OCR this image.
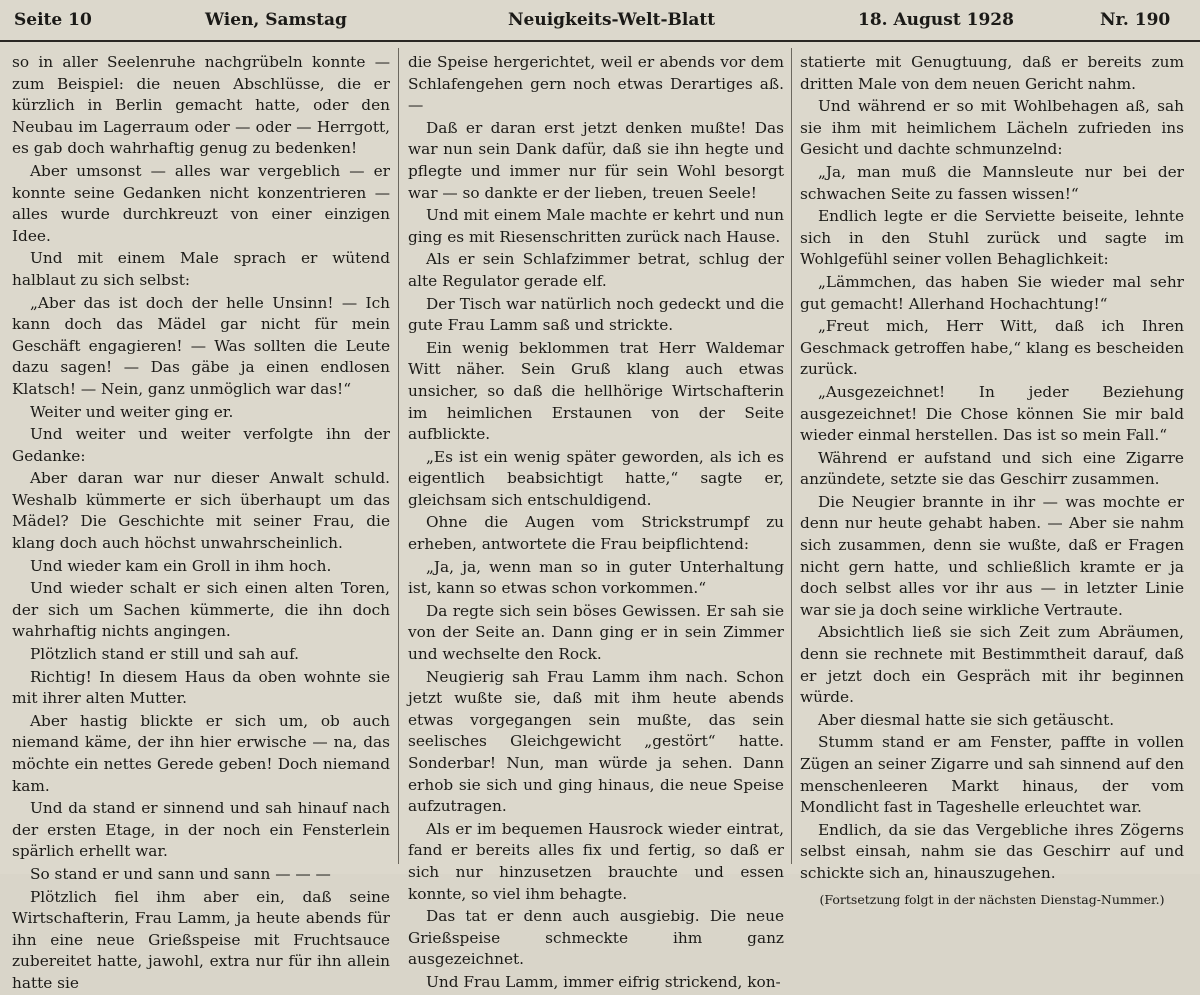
Seite 10	Wien, Samstag	Neuigkeits-Welt-Blatt	18. August 1928	Nr. 190

so in aller Seelenruhe nachgrübeln konnte — zum Beispiel: die neuen Abschlüsse, die er kürzlich in Berlin gemacht hatte, oder den Neubau im Lagerraum oder — oder — Herrgott, es gab doch wahrhaftig genug zu bedenken!

Aber umsonst — alles war vergeblich — er konnte seine Gedanken nicht konzentrieren — alles wurde durchkreuzt von einer einzigen Idee.

Und mit einem Male sprach er wütend halblaut zu sich selbst:

„Aber das ist doch der helle Unsinn! — Ich kann doch das Mädel gar nicht für mein Geschäft engagieren! — Was sollten die Leute dazu sagen! — Das gäbe ja einen endlosen Klatsch! — Nein, ganz unmöglich war das!“

Weiter und weiter ging er.

Und weiter und weiter verfolgte ihn der Gedanke:

Aber daran war nur dieser Anwalt schuld. Weshalb kümmerte er sich überhaupt um das Mädel? Die Geschichte mit seiner Frau, die klang doch auch höchst unwahrscheinlich.

Und wieder kam ein Groll in ihm hoch.

Und wieder schalt er sich einen alten Toren, der sich um Sachen kümmerte, die ihn doch wahrhaftig nichts angingen.

Plötzlich stand er still und sah auf.

Richtig! In diesem Haus da oben wohnte sie mit ihrer alten Mutter.

Aber hastig blickte er sich um, ob auch niemand käme, der ihn hier erwische — na, das möchte ein nettes Gerede geben! Doch niemand kam.

Und da stand er sinnend und sah hinauf nach der ersten Etage, in der noch ein Fensterlein spärlich erhellt war.

So stand er und sann und sann — — —

Plötzlich fiel ihm aber ein, daß seine Wirtschafterin, Frau Lamm, ja heute abends für ihn eine neue Grießspeise mit Fruchtsauce zubereitet hatte, jawohl, extra nur für ihn allein hatte sie

die Speise hergerichtet, weil er abends vor dem Schlafengehen gern noch etwas Derartiges aß. —

Daß er daran erst jetzt denken mußte! Das war nun sein Dank dafür, daß sie ihn hegte und pflegte und immer nur für sein Wohl besorgt war — so dankte er der lieben, treuen Seele!

Und mit einem Male machte er kehrt und nun ging es mit Riesenschritten zurück nach Hause.

Als er sein Schlafzimmer betrat, schlug der alte Regulator gerade elf.

Der Tisch war natürlich noch gedeckt und die gute Frau Lamm saß und strickte.

Ein wenig beklommen trat Herr Waldemar Witt näher. Sein Gruß klang auch etwas unsicher, so daß die hellhörige Wirtschafterin im heimlichen Erstaunen von der Seite aufblickte.

„Es ist ein wenig später geworden, als ich es eigentlich beabsichtigt hatte,“ sagte er, gleichsam sich entschuldigend.

Ohne die Augen vom Strickstrumpf zu erheben, antwortete die Frau beipflichtend:

„Ja, ja, wenn man so in guter Unterhaltung ist, kann so etwas schon vorkommen.“

Da regte sich sein böses Gewissen. Er sah sie von der Seite an. Dann ging er in sein Zimmer und wechselte den Rock.

Neugierig sah Frau Lamm ihm nach. Schon jetzt wußte sie, daß mit ihm heute abends etwas vorgegangen sein mußte, das sein seelisches Gleichgewicht „gestört“ hatte. Sonderbar! Nun, man würde ja sehen. Dann erhob sie sich und ging hinaus, die neue Speise aufzutragen.

Als er im bequemen Hausrock wieder eintrat, fand er bereits alles fix und fertig, so daß er sich nur hinzusetzen brauchte und essen konnte, so viel ihm behagte.

Das tat er denn auch ausgiebig. Die neue Grießspeise schmeckte ihm ganz ausgezeichnet.

Und Frau Lamm, immer eifrig strickend, kon-

statierte mit Genugtuung, daß er bereits zum dritten Male von dem neuen Gericht nahm.

Und während er so mit Wohlbehagen aß, sah sie ihm mit heimlichem Lächeln zufrieden ins Gesicht und dachte schmunzelnd:

„Ja, man muß die Mannsleute nur bei der schwachen Seite zu fassen wissen!“

Endlich legte er die Serviette beiseite, lehnte sich in den Stuhl zurück und sagte im Wohlgefühl seiner vollen Behaglichkeit:

„Lämmchen, das haben Sie wieder mal sehr gut gemacht! Allerhand Hochachtung!“

„Freut mich, Herr Witt, daß ich Ihren Geschmack getroffen habe,“ klang es bescheiden zurück.

„Ausgezeichnet! In jeder Beziehung ausgezeichnet! Die Chose können Sie mir bald wieder einmal herstellen. Das ist so mein Fall.“

Während er aufstand und sich eine Zigarre anzündete, setzte sie das Geschirr zusammen.

Die Neugier brannte in ihr — was mochte er denn nur heute gehabt haben. — Aber sie nahm sich zusammen, denn sie wußte, daß er Fragen nicht gern hatte, und schließlich kramte er ja doch selbst alles vor ihr aus — in letzter Linie war sie ja doch seine wirkliche Vertraute.

Absichtlich ließ sie sich Zeit zum Abräumen, denn sie rechnete mit Bestimmtheit darauf, daß er jetzt doch ein Gespräch mit ihr beginnen würde.

Aber diesmal hatte sie sich getäuscht.

Stumm stand er am Fenster, paffte in vollen Zügen an seiner Zigarre und sah sinnend auf den menschenleeren Markt hinaus, der vom Mondlicht fast in Tageshelle erleuchtet war.

Endlich, da sie das Vergebliche ihres Zögerns selbst einsah, nahm sie das Geschirr auf und schickte sich an, hinauszugehen.

(Fortsetzung folgt in der nächsten Dienstag-Nummer.)
